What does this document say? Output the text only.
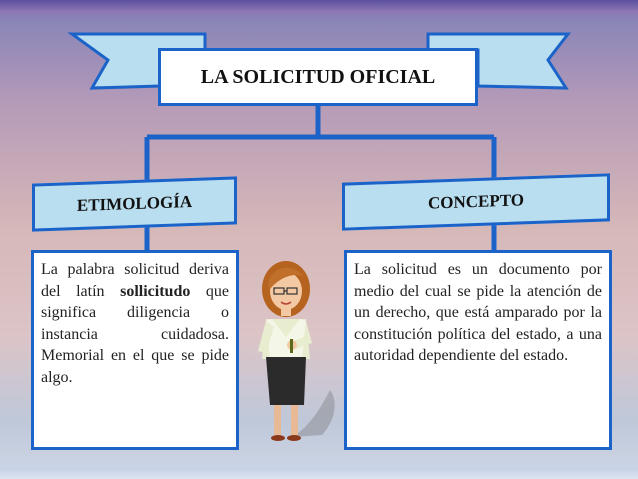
LA SOLICITUD OFICIAL
ETIMOLOGÍA	CONCEPTO
La palabra solicitud deriva del latín sollicitudo que significa diligencia o instancia cuidadosa. Memorial en el que se pide algo.
La solicitud es un documento por medio del cual se pide la atención de un derecho, que está amparado por la constitución política del estado, a una autoridad dependiente del estado.
